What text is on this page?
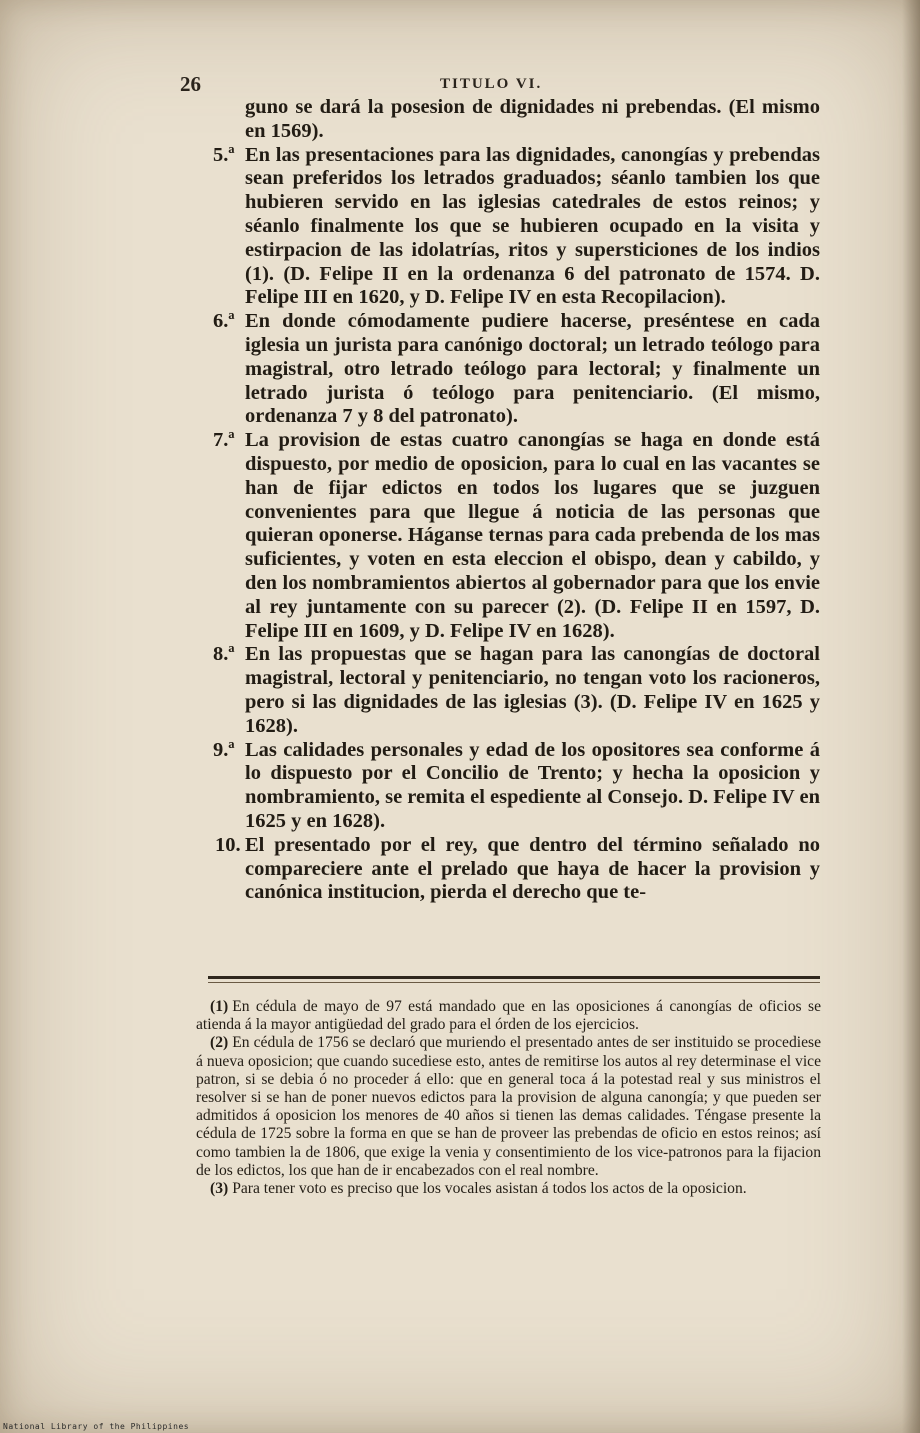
26	TITULO VI.

guno se dará la posesion de dignidades ni prebendas. (El mismo en 1569).

5.ª En las presentaciones para las dignidades, canongías y prebendas sean preferidos los letrados graduados; séanlo tambien los que hubieren servido en las iglesias catedrales de estos reinos; y séanlo finalmente los que se hubieren ocupado en la visita y estirpacion de las idolatrías, ritos y supersticiones de los indios (1). (D. Felipe II en la ordenanza 6 del patronato de 1574. D. Felipe III en 1620, y D. Felipe IV en esta Recopilacion).

6.ª En donde cómodamente pudiere hacerse, preséntese en cada iglesia un jurista para canónigo doctoral; un letrado teólogo para magistral, otro letrado teólogo para lectoral; y finalmente un letrado jurista ó teólogo para penitenciario. (El mismo, ordenanza 7 y 8 del patronato).

7.ª La provision de estas cuatro canongías se haga en donde está dispuesto, por medio de oposicion, para lo cual en las vacantes se han de fijar edictos en todos los lugares que se juzguen convenientes para que llegue á noticia de las personas que quieran oponerse. Háganse ternas para cada prebenda de los mas suficientes, y voten en esta eleccion el obispo, dean y cabildo, y den los nombramientos abiertos al gobernador para que los envie al rey juntamente con su parecer (2). (D. Felipe II en 1597, D. Felipe III en 1609, y D. Felipe IV en 1628).

8.ª En las propuestas que se hagan para las canongías de doctoral magistral, lectoral y penitenciario, no tengan voto los racioneros, pero si las dignidades de las iglesias (3). (D. Felipe IV en 1625 y 1628).

9.ª Las calidades personales y edad de los opositores sea conforme á lo dispuesto por el Concilio de Trento; y hecha la oposicion y nombramiento, se remita el espediente al Consejo. D. Felipe IV en 1625 y en 1628).

10. El presentado por el rey, que dentro del término señalado no compareciere ante el prelado que haya de hacer la provision y canónica institucion, pierda el derecho que te-

(1) En cédula de mayo de 97 está mandado que en las oposiciones á canongías de oficios se atienda á la mayor antigüedad del grado para el órden de los ejercicios.

(2) En cédula de 1756 se declaró que muriendo el presentado antes de ser instituido se procediese á nueva oposicion; que cuando sucediese esto, antes de remitirse los autos al rey determinase el vice patron, si se debia ó no proceder á ello: que en general toca á la potestad real y sus ministros el resolver si se han de poner nuevos edictos para la provision de alguna canongía; y que pueden ser admitidos á oposicion los menores de 40 años si tienen las demas calidades. Téngase presente la cédula de 1725 sobre la forma en que se han de proveer las prebendas de oficio en estos reinos; así como tambien la de 1806, que exige la venia y consentimiento de los vice-patronos para la fijacion de los edictos, los que han de ir encabezados con el real nombre.

(3) Para tener voto es preciso que los vocales asistan á todos los actos de la oposicion.

National Library of the Philippines
